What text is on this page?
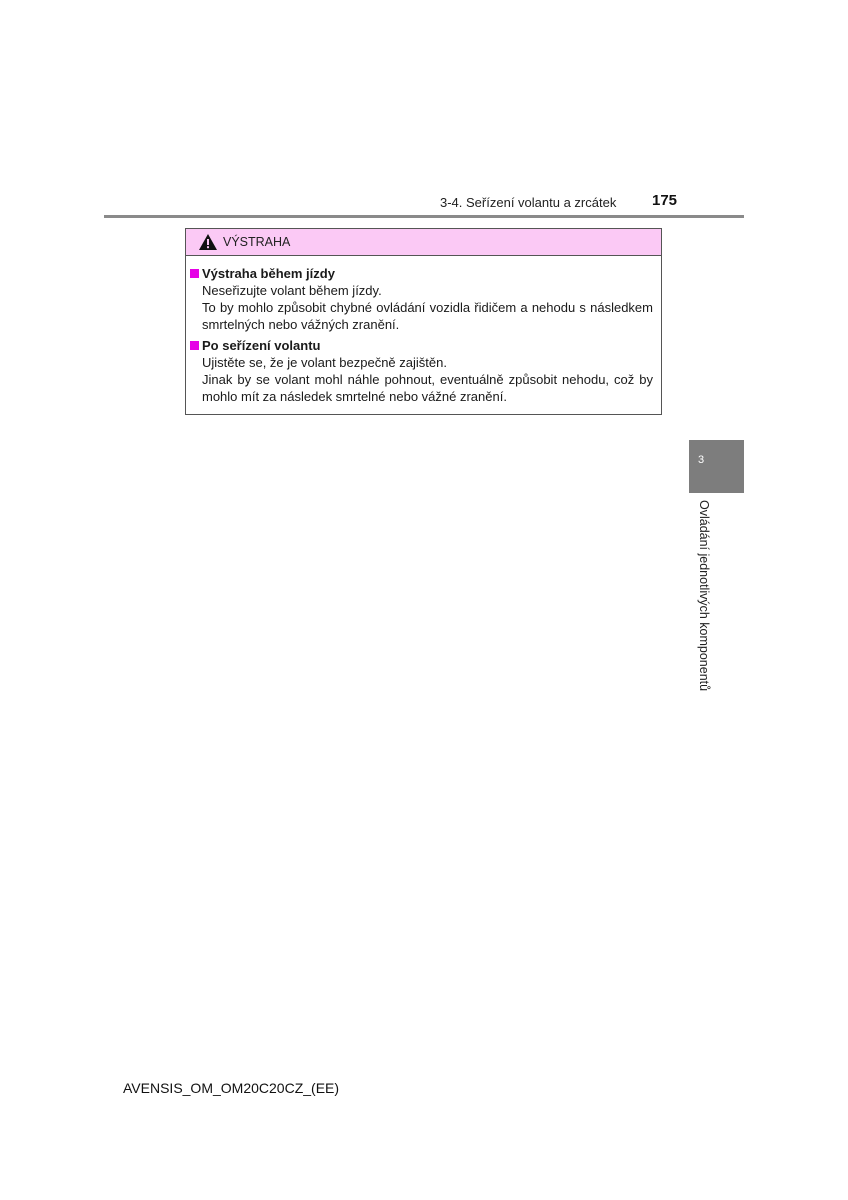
3-4. Seřízení volantu a zrcátek 175
VÝSTRAHA
Výstraha během jízdy
Neseřizujte volant během jízdy.
To by mohlo způsobit chybné ovládání vozidla řidičem a nehodu s následkem smrtelných nebo vážných zranění.
Po seřízení volantu
Ujistěte se, že je volant bezpečně zajištěn.
Jinak by se volant mohl náhle pohnout, eventuálně způsobit nehodu, což by mohlo mít za následek smrtelné nebo vážné zranění.
3
Ovládání jednotlivých komponentů
AVENSIS_OM_OM20C20CZ_(EE)
